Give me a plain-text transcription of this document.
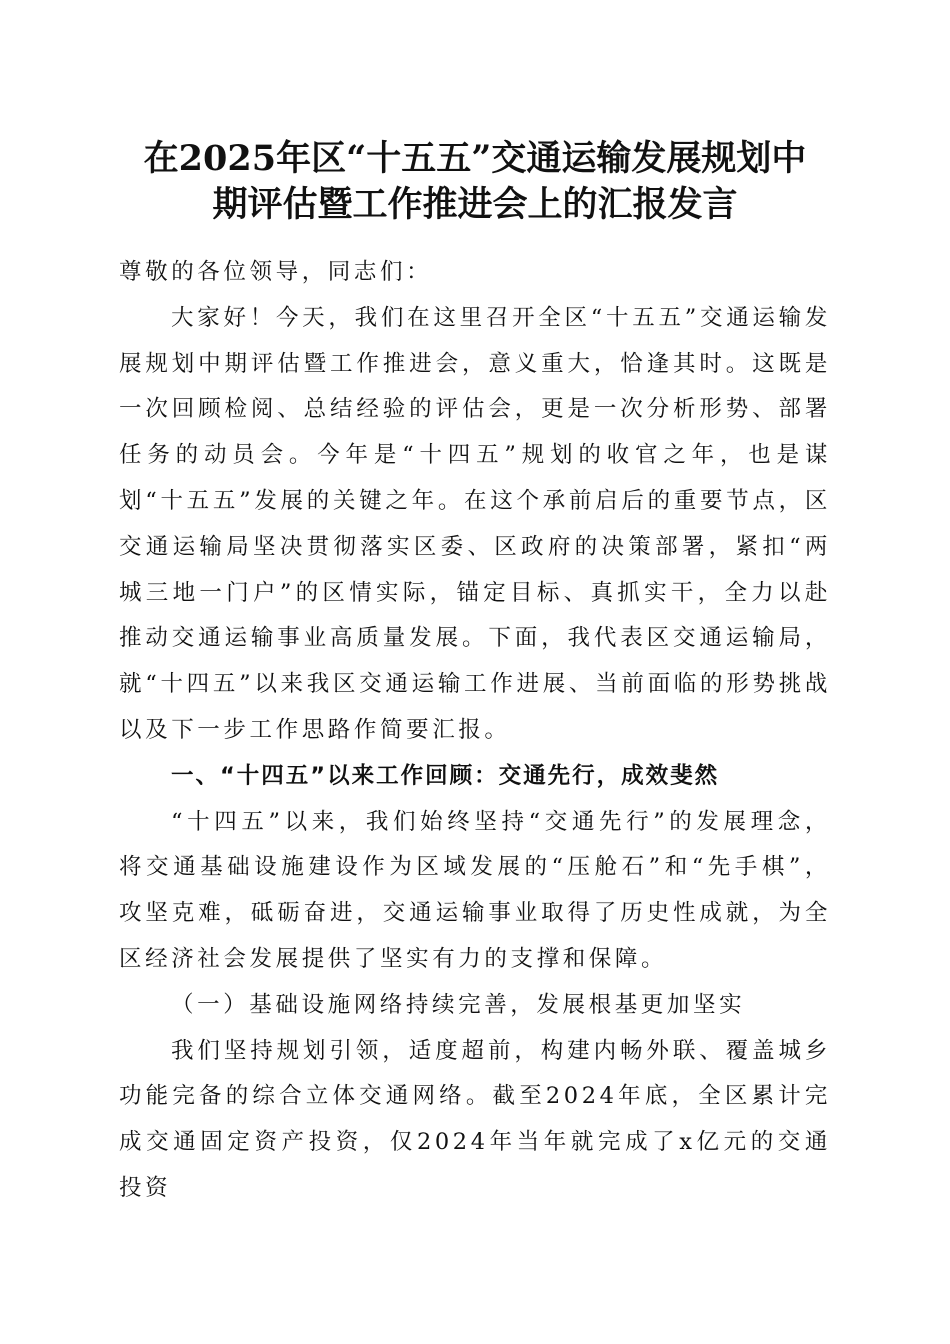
在2025年区“十五五”交通运输发展规划中
期评估暨工作推进会上的汇报发言

尊敬的各位领导，同志们：

大家好！今天，我们在这里召开全区“十五五”交通运输发展规划中期评估暨工作推进会，意义重大，恰逢其时。这既是一次回顾检阅、总结经验的评估会，更是一次分析形势、部署任务的动员会。今年是“十四五”规划的收官之年，也是谋划“十五五”发展的关键之年。在这个承前启后的重要节点，区交通运输局坚决贯彻落实区委、区政府的决策部署，紧扣“两城三地一门户”的区情实际，锚定目标、真抓实干，全力以赴推动交通运输事业高质量发展。下面，我代表区交通运输局，就“十四五”以来我区交通运输工作进展、当前面临的形势挑战以及下一步工作思路作简要汇报。

一、“十四五”以来工作回顾：交通先行，成效斐然

“十四五”以来，我们始终坚持“交通先行”的发展理念，将交通基础设施建设作为区域发展的“压舱石”和“先手棋”，攻坚克难，砥砺奋进，交通运输事业取得了历史性成就，为全区经济社会发展提供了坚实有力的支撑和保障。

（一）基础设施网络持续完善，发展根基更加坚实

我们坚持规划引领，适度超前，构建内畅外联、覆盖城乡功能完备的综合立体交通网络。截至2024年底，全区累计完成交通固定资产投资，仅2024年当年就完成了x亿元的交通投资
